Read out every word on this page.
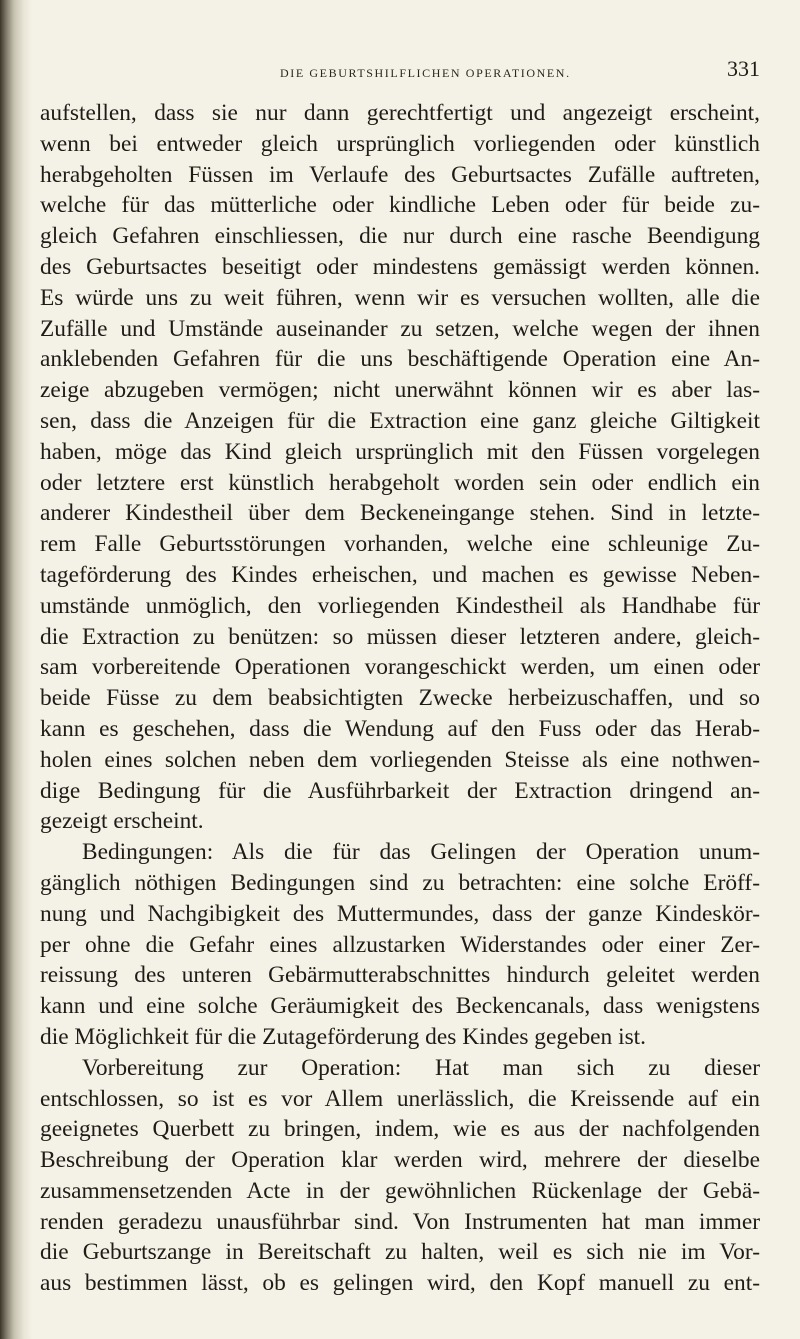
DIE GEBURTSHILFLICHEN OPERATIONEN.	331
aufstellen, dass sie nur dann gerechtfertigt und angezeigt erscheint,
wenn bei entweder gleich ursprünglich vorliegenden oder künstlich
herabgeholten Füssen im Verlaufe des Geburtsactes Zufälle auftreten,
welche für das mütterliche oder kindliche Leben oder für beide zu-
gleich Gefahren einschliessen, die nur durch eine rasche Beendigung
des Geburtsactes beseitigt oder mindestens gemässigt werden können.
Es würde uns zu weit führen, wenn wir es versuchen wollten, alle die
Zufälle und Umstände auseinander zu setzen, welche wegen der ihnen
anklebenden Gefahren für die uns beschäftigende Operation eine An-
zeige abzugeben vermögen; nicht unerwähnt können wir es aber las-
sen, dass die Anzeigen für die Extraction eine ganz gleiche Giltigkeit
haben, möge das Kind gleich ursprünglich mit den Füssen vorgelegen
oder letztere erst künstlich herabgeholt worden sein oder endlich ein
anderer Kindestheil über dem Beckeneingange stehen. Sind in letzte-
rem Falle Geburtsstörungen vorhanden, welche eine schleunige Zu-
tageförderung des Kindes erheischen, und machen es gewisse Neben-
umstände unmöglich, den vorliegenden Kindestheil als Handhabe für
die Extraction zu benützen: so müssen dieser letzteren andere, gleich-
sam vorbereitende Operationen vorangeschickt werden, um einen oder
beide Füsse zu dem beabsichtigten Zwecke herbeizuschaffen, und so
kann es geschehen, dass die Wendung auf den Fuss oder das Herab-
holen eines solchen neben dem vorliegenden Steisse als eine nothwen-
dige Bedingung für die Ausführbarkeit der Extraction dringend an-
gezeigt erscheint.
Bedingungen: Als die für das Gelingen der Operation unum-
gänglich nöthigen Bedingungen sind zu betrachten: eine solche Eröff-
nung und Nachgibigkeit des Muttermundes, dass der ganze Kindeskör-
per ohne die Gefahr eines allzustarken Widerstandes oder einer Zer-
reissung des unteren Gebärmutterabschnittes hindurch geleitet werden
kann und eine solche Geräumigkeit des Beckencanals, dass wenigstens
die Möglichkeit für die Zutageförderung des Kindes gegeben ist.
Vorbereitung zur Operation: Hat man sich zu dieser
entschlossen, so ist es vor Allem unerlässlich, die Kreissende auf ein
geeignetes Querbett zu bringen, indem, wie es aus der nachfolgenden
Beschreibung der Operation klar werden wird, mehrere der dieselbe
zusammensetzenden Acte in der gewöhnlichen Rückenlage der Gebä-
renden geradezu unausführbar sind. Von Instrumenten hat man immer
die Geburtszange in Bereitschaft zu halten, weil es sich nie im Vor-
aus bestimmen lässt, ob es gelingen wird, den Kopf manuell zu ent-
